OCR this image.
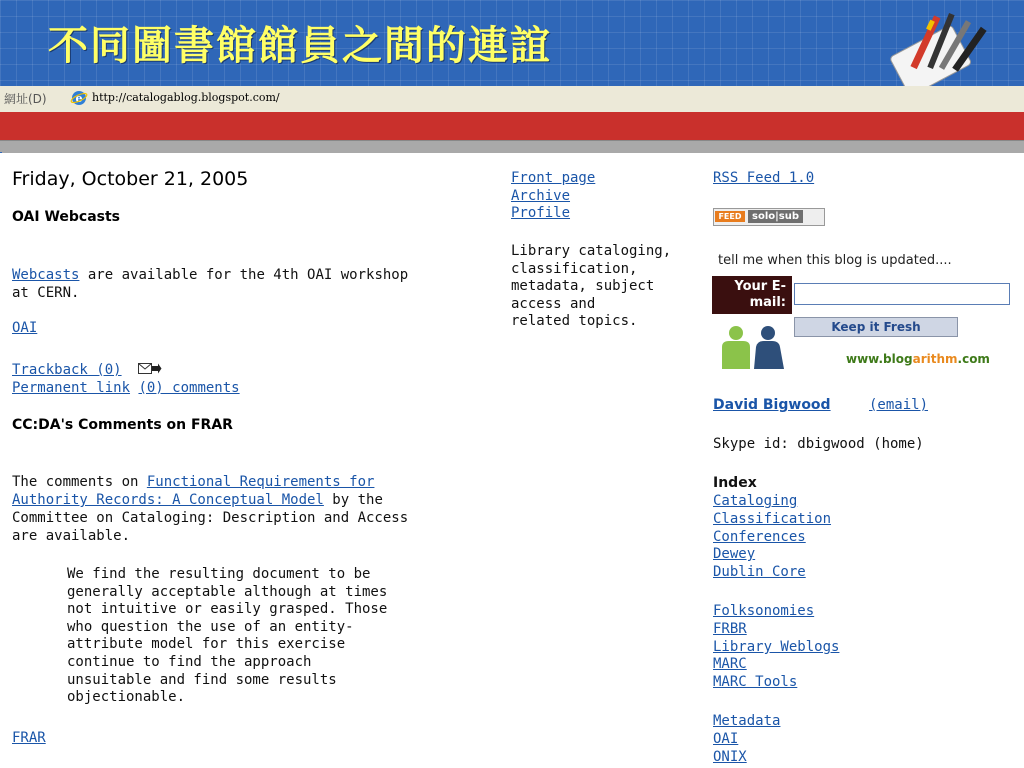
不同圖書館館員之間的連誼
網址(D)	e http://catalogablog.blogspot.com/
Friday, October 21, 2005
OAI Webcasts
Webcasts are available for the 4th OAI workshop
at CERN.
OAI
Trackback (0)
Permanent link (0) comments
CC:DA's Comments on FRAR
The comments on Functional Requirements for
Authority Records: A Conceptual Model by the
Committee on Cataloging: Description and Access
are available.
We find the resulting document to be
generally acceptable although at times
not intuitive or easily grasped. Those
who question the use of an entity-
attribute model for this exercise
continue to find the approach
unsuitable and find some results
objectionable.
FRAR
Front page
Archive
Profile
Library cataloging,
classification,
metadata, subject
access and
related topics.
RSS Feed 1.0
FEED	solo|sub
tell me when this blog is updated....
Your E-
mail:
Keep it Fresh
www.blogarithm.com
David Bigwood	(email)
Skype id: dbigwood (home)
Index
Cataloging
Classification
Conferences
Dewey
Dublin Core
Folksonomies
FRBR
Library Weblogs
MARC
MARC Tools
Metadata
OAI
ONIX
